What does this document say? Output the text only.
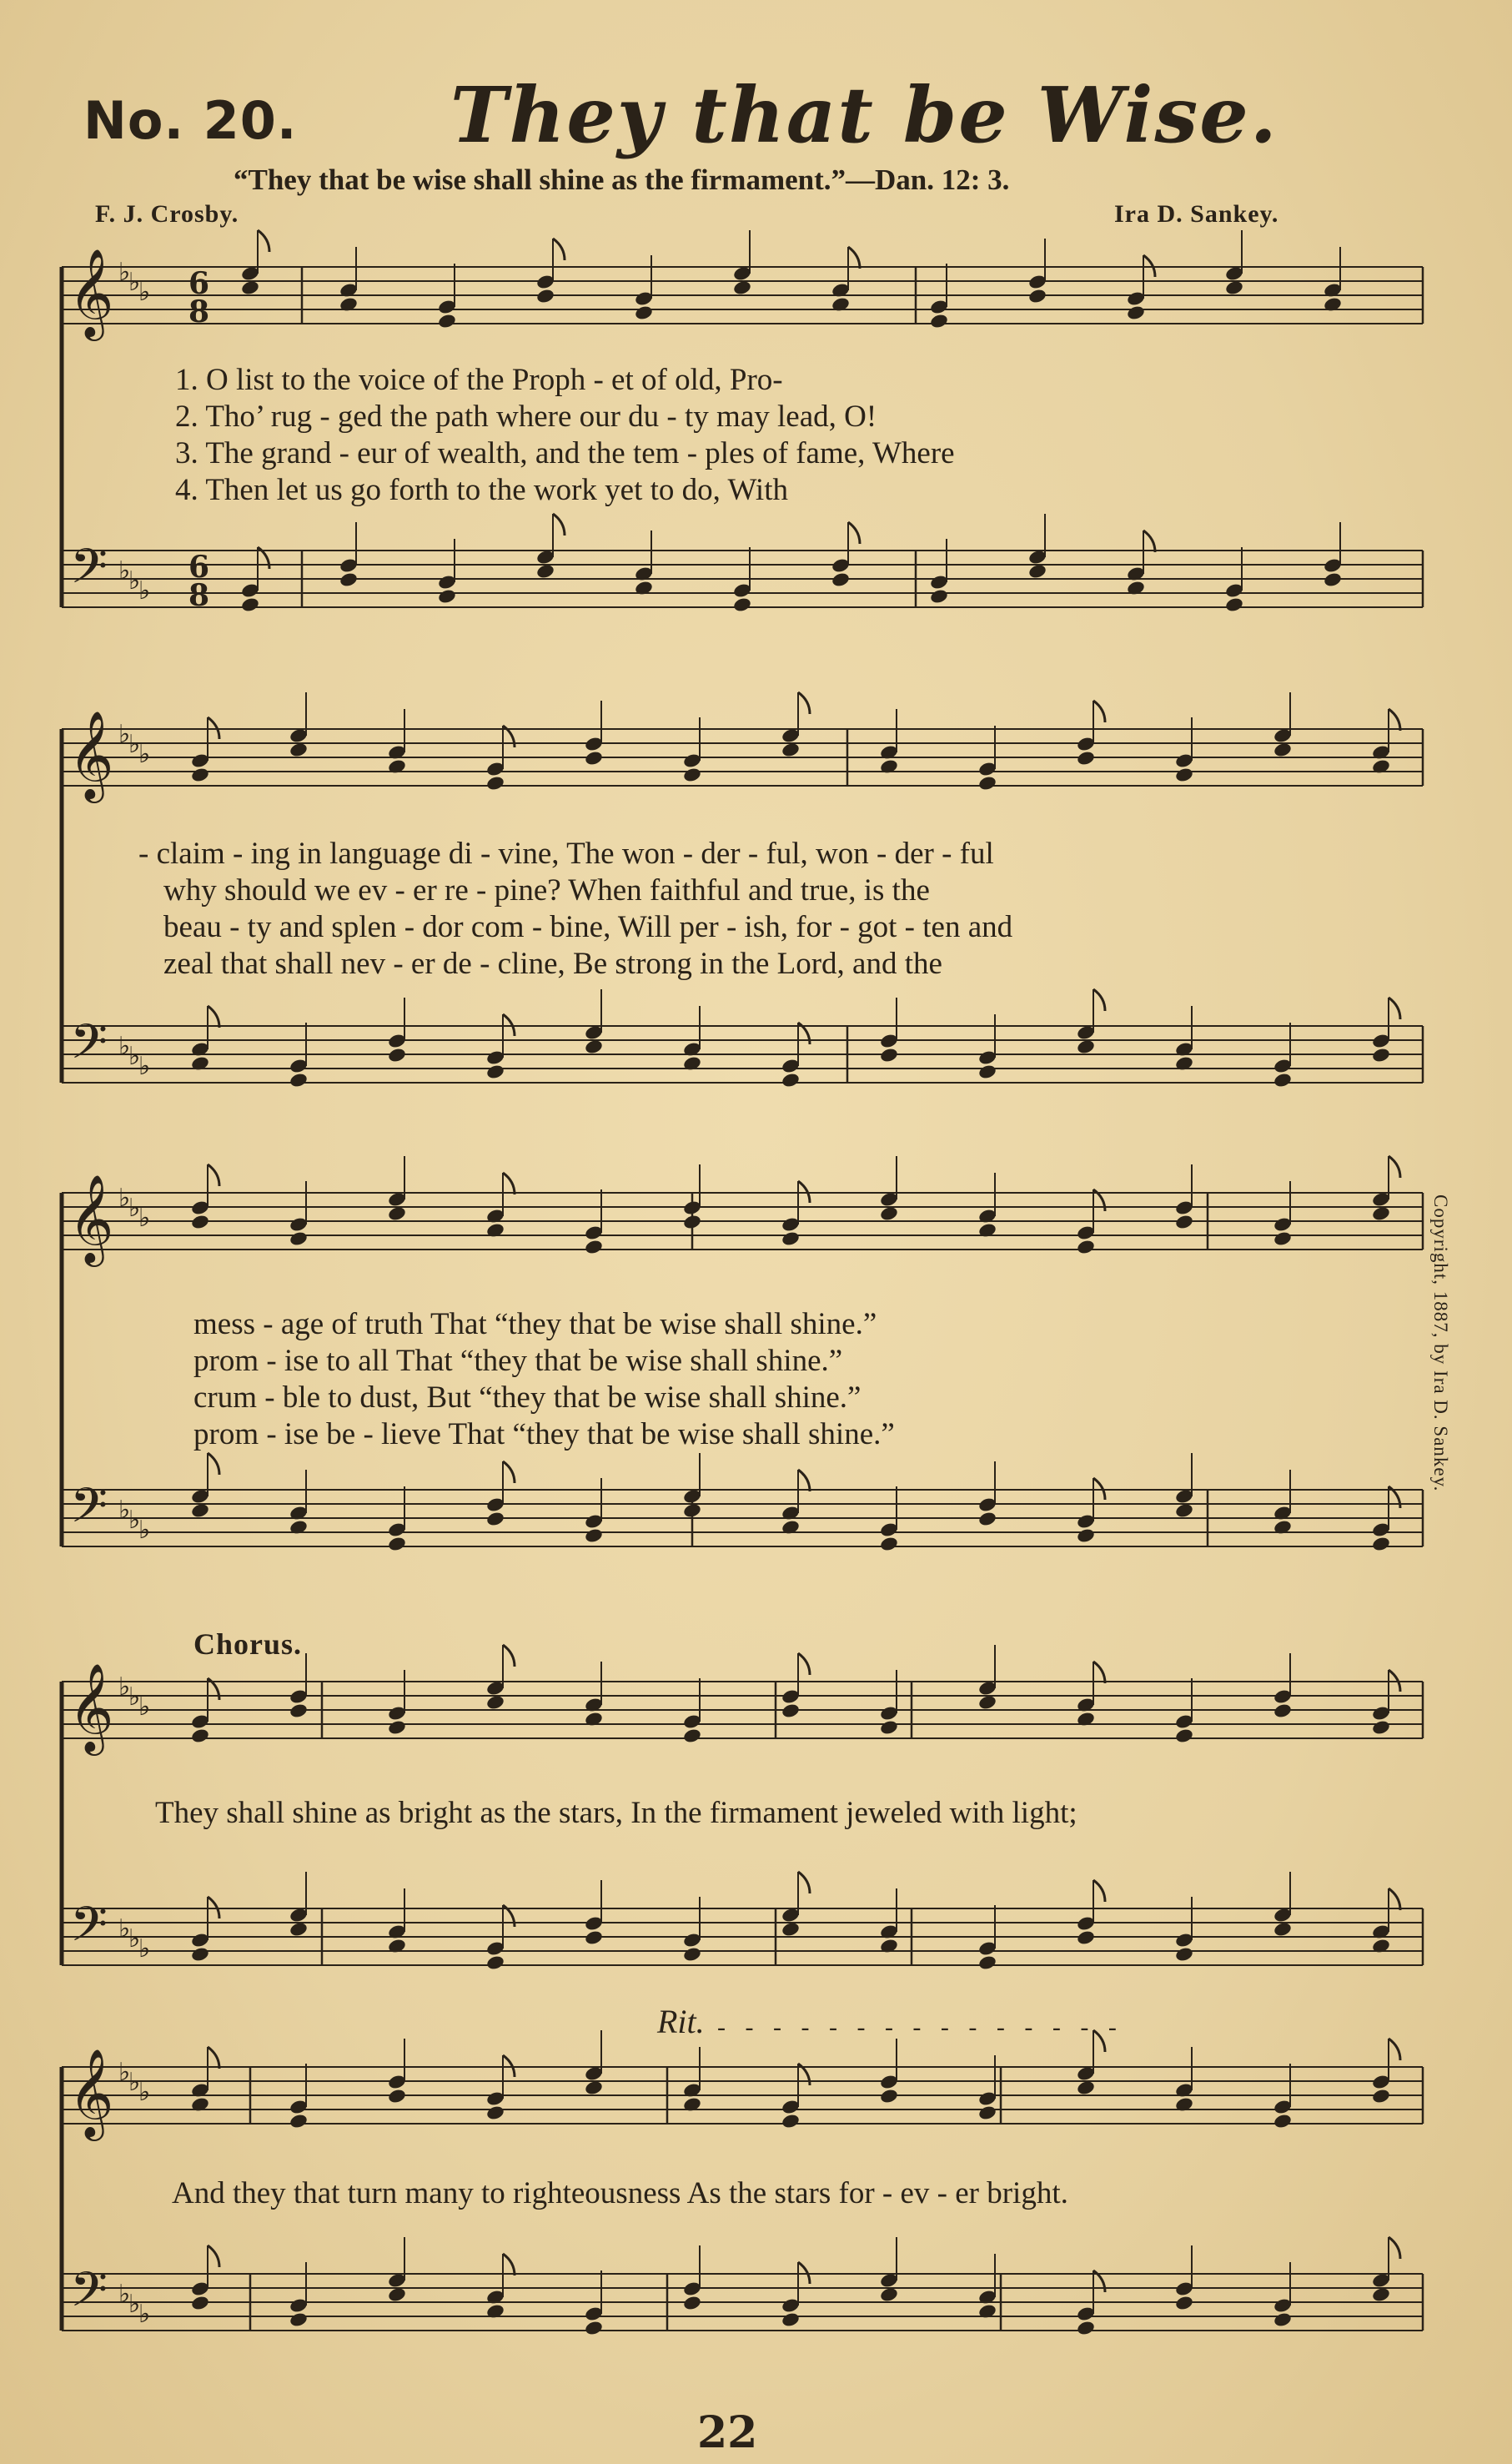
𝄞
𝄢
♭
♭
♭
♭
♭
♭
6
8
6
8
𝄞
𝄢
♭
♭
♭
♭
♭
♭
𝄞
𝄢
♭
♭
♭
♭
♭
♭
𝄞
𝄢
♭
♭
♭
♭
♭
♭
𝄞
𝄢
♭
♭
♭
♭
♭
♭
No. 20. They that be Wise.
“They that be wise shall shine as the firmament.”—Dan. 12: 3.
F. J. Crosby.	Ira D. Sankey.
1. O list to the voice of the Proph - et of old, Pro-
2. Tho’ rug - ged the path where our du - ty may lead, O!
3. The grand - eur of wealth, and the tem - ples of fame, Where
4. Then let us go forth to the work yet to do, With
- claim - ing in language di - vine, The won - der - ful, won - der - ful
why should we ev - er re - pine? When faithful and true, is the
beau - ty and splen - dor com - bine, Will per - ish, for - got - ten and
zeal that shall nev - er de - cline, Be strong in the Lord, and the
mess - age of truth That “they that be wise shall shine.”
prom - ise to all That “they that be wise shall shine.”
crum - ble to dust, But “they that be wise shall shine.”
prom - ise be - lieve That “they that be wise shall shine.”	Copyright, 1887, by Ira D. Sankey.
Chorus.
They shall shine as bright as the stars, In the firmament jeweled with light;
Rit. - - - - - - - - - - - - - - -
And they that turn many to righteousness As the stars for - ev - er bright.
22
